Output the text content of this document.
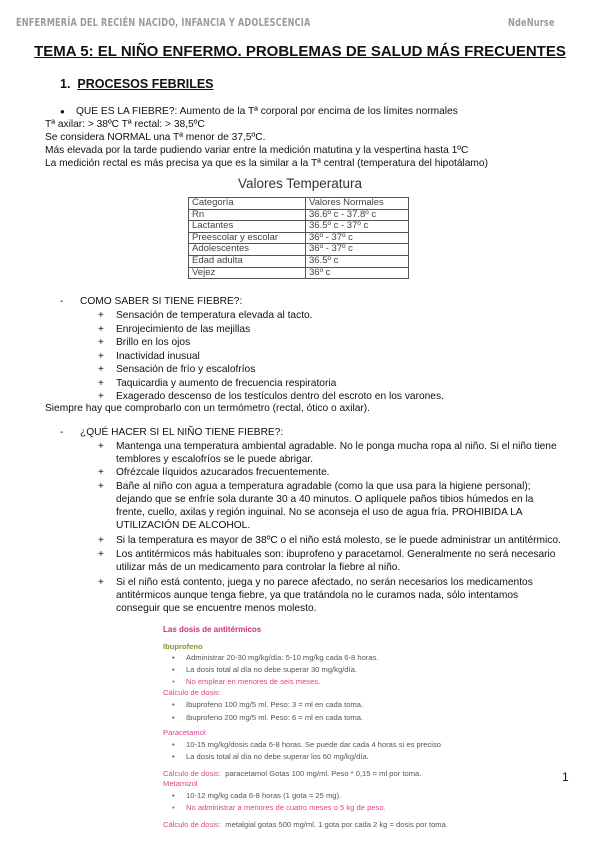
ENFERMERÍA DEL RECIÉN NACIDO, INFANCIA Y ADOLESCENCIA	NdeNurse
TEMA 5: EL NIÑO ENFERMO. PROBLEMAS DE SALUD MÁS FRECUENTES
1. PROCESOS FEBRILES
● QUE ES LA FIEBRE?: Aumento de la Tª corporal por encima de los límites normales
Tª axilar: > 38ºC Tª rectal: > 38,5ºC
Se considera NORMAL una Tª menor de 37,5ºC.
Más elevada por la tarde pudiendo variar entre la medición matutina y la vespertina hasta 1ºC
La medición rectal es más precisa ya que es la similar a la Tª central (temperatura del hipotálamo)
Valores Temperatura
Categoría	Valores Normales
Rn	36.6º c - 37.8º c
Lactantes	36.5º c - 37º c
Preescolar y escolar	36º - 37º c
Adolescentes	36º - 37º c
Edad adulta	36.5º c
Vejez	36º c
- COMO SABER SI TIENE FIEBRE?:
+ Sensación de temperatura elevada al tacto.
+ Enrojecimiento de las mejillas
+ Brillo en los ojos
+ Inactividad inusual
+ Sensación de frío y escalofríos
+ Taquicardia y aumento de frecuencia respiratoria
+ Exagerado descenso de los testículos dentro del escroto en los varones.
Siempre hay que comprobarlo con un termómetro (rectal, ótico o axilar).
- ¿QUÉ HACER SI EL NIÑO TIENE FIEBRE?:
+ Mantenga una temperatura ambiental agradable. No le ponga mucha ropa al niño. Si el niño tiene
temblores y escalofríos se le puede abrigar.
+ Ofrézcale líquidos azucarados frecuentemente.
+ Bañe al niño con agua a temperatura agradable (como la que usa para la higiene personal);
dejando que se enfríe sola durante 30 a 40 minutos. O aplíquele paños tibios húmedos en la
frente, cuello, axilas y región inguinal. No se aconseja el uso de agua fría. PROHIBIDA LA
UTILIZACIÓN DE ALCOHOL.
+ Si la temperatura es mayor de 38ºC o el niño está molesto, se le puede administrar un antitérmico.
+ Los antitérmicos más habituales son: ibuprofeno y paracetamol. Generalmente no será necesario
utilizar más de un medicamento para controlar la fiebre al niño.
+ Si el niño está contento, juega y no parece afectado, no serán necesarios los medicamentos
antitérmicos aunque tenga fiebre, ya que tratándola no le curamos nada, sólo intentamos
conseguir que se encuentre menos molesto.
Las dosis de antitérmicos
Ibuprofeno
• Administrar 20-30 mg/kg/día: 5-10 mg/kg cada 6-8 horas.
• La dosis total al día no debe superar 30 mg/kg/día.
• No emplear en menores de seis meses.
Cálculo de dosis:
• Ibuprofeno 100 mg/5 ml. Peso: 3 = ml en cada toma.
• Ibuprofeno 200 mg/5 ml. Peso: 6 = ml en cada toma.
Paracetamol
• 10-15 mg/kg/dosis cada 6-8 horas. Se puede dar cada 4 horas si es preciso
• La dosis total al día no debe superar los 60 mg/kg/día.
Cálculo de dosis: paracetamol Gotas 100 mg/ml. Peso * 0,15 = ml por toma.
Metamizol
• 10-12 mg/kg cada 6-8 horas (1 gota = 25 mg).
• No administrar a menores de cuatro meses o 5 kg de peso.
Cálculo de dosis: metalgial gotas 500 mg/ml. 1 gota por cada 2 kg = dosis por toma.
1
